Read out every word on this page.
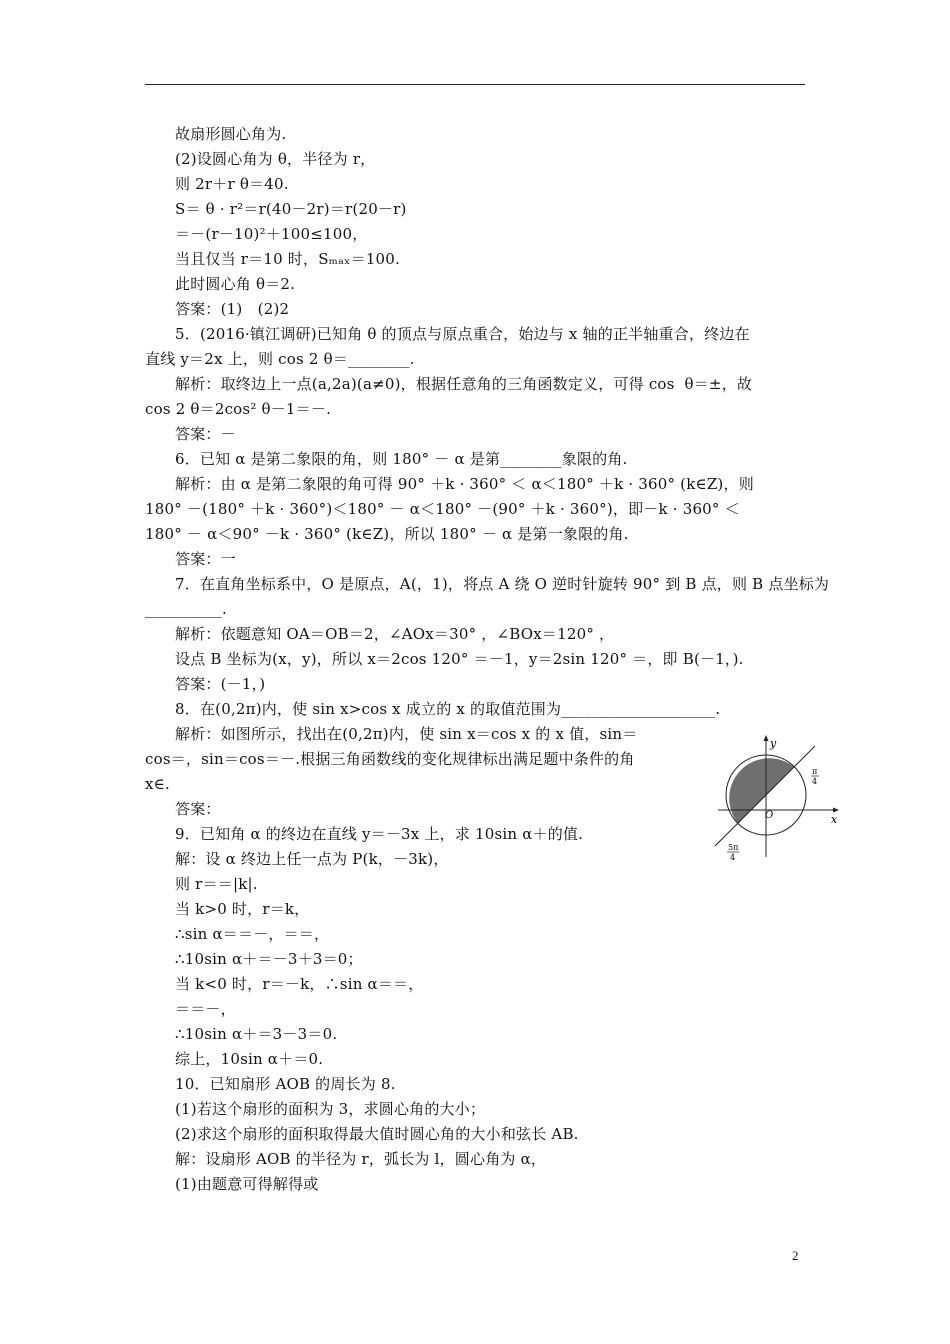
故扇形圆心角为.
(2)设圆心角为 θ，半径为 r，
则 2r＋r θ＝40.
S＝ θ · r²＝r(40－2r)＝r(20－r)
＝－(r－10)²＋100≤100，
当且仅当 r＝10 时，Sₘₐₓ＝100.
此时圆心角 θ＝2.
答案：(1)　(2)2
5．(2016·镇江调研)已知角 θ 的顶点与原点重合，始边与 x 轴的正半轴重合，终边在
直线 y＝2x 上，则 cos 2 θ＝________.
解析：取终边上一点(a,2a)(a≠0)，根据任意角的三角函数定义，可得 cos  θ＝±，故
cos 2 θ＝2cos² θ－1＝－.
答案：－
6．已知 α 是第二象限的角，则 180° － α 是第________象限的角.
解析：由 α 是第二象限的角可得 90° ＋k · 360° ＜ α＜180° ＋k · 360° (k∈Z)，则
180° －(180° ＋k · 360°)＜180° － α＜180° －(90° ＋k · 360°)，即－k · 360° ＜
180° － α＜90° －k · 360° (k∈Z)，所以 180° － α 是第一象限的角.
答案：一
7．在直角坐标系中，O 是原点，A(，1)，将点 A 绕 O 逆时针旋转 90° 到 B 点，则 B 点坐标为
__________.
解析：依题意知 OA＝OB＝2，∠AOx＝30° ，∠BOx＝120° ，
设点 B 坐标为(x，y)，所以 x＝2cos 120° ＝－1，y＝2sin 120° ＝，即 B(－1，).
答案：(－1，)
8．在(0,2π)内，使 sin x>cos x 成立的 x 的取值范围为____________________.
解析：如图所示，找出在(0,2π)内，使 sin x＝cos x 的 x 值，sin＝
cos＝，sin＝cos＝－.根据三角函数线的变化规律标出满足题中条件的角
x∈.
答案：
9．已知角 α 的终边在直线 y＝－3x 上，求 10sin α＋的值.
解：设 α 终边上任一点为 P(k，－3k)，
则 r＝＝|k|.
当 k>0 时，r＝k，
∴sin α＝＝－，＝＝，
∴10sin α＋＝－3＋3＝0；
当 k<0 时，r＝－k，∴sin α＝＝，
＝＝－，
∴10sin α＋＝3－3＝0.
综上，10sin α＋＝0.
10．已知扇形 AOB 的周长为 8.
(1)若这个扇形的面积为 3，求圆心角的大小；
(2)求这个扇形的面积取得最大值时圆心角的大小和弦长 AB.
解：设扇形 AOB 的半径为 r，弧长为 l，圆心角为 α，
(1)由题意可得解得或
y
x
O
π
4
5π
4
2
